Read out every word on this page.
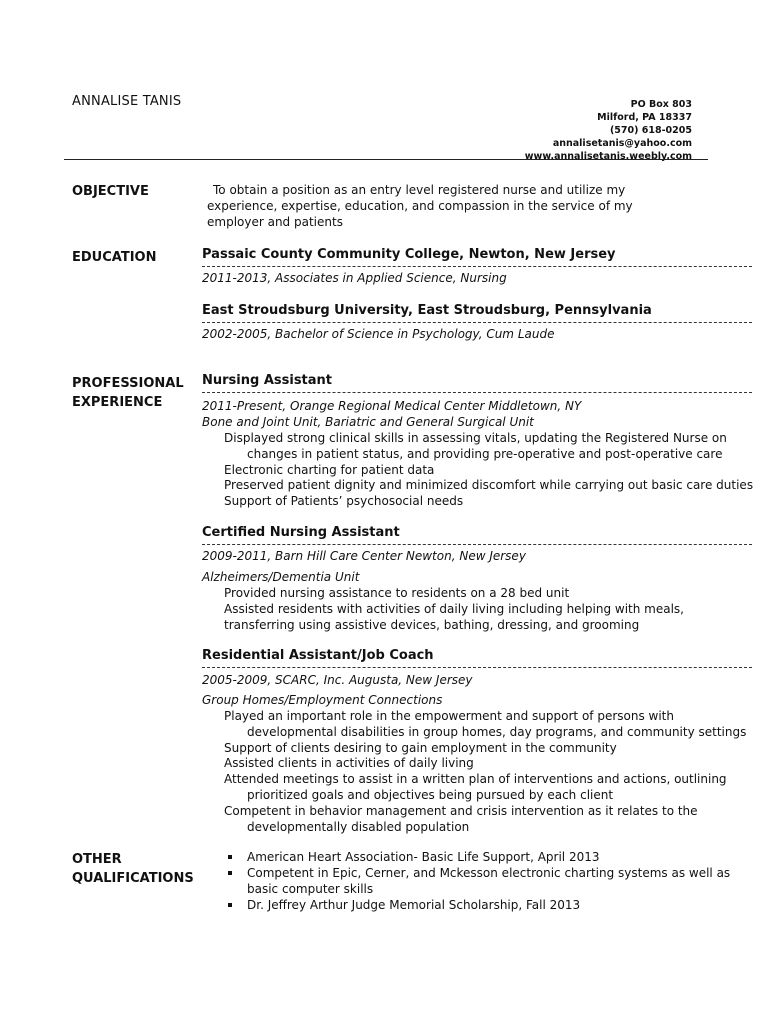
ANNALISE TANIS	PO Box 803
Milford, PA 18337
(570) 618-0205
annalisetanis@yahoo.com
www.annalisetanis.weebly.com
OBJECTIVE	To obtain a position as an entry level registered nurse and utilize my experience, expertise, education, and compassion in the service of my employer and patients
EDUCATION	Passaic County Community College, Newton, New Jersey
2011-2013, Associates in Applied Science, Nursing
East Stroudsburg University, East Stroudsburg, Pennsylvania
2002-2005, Bachelor of Science in Psychology, Cum Laude
PROFESSIONAL
EXPERIENCE
Nursing Assistant
2011-Present, Orange Regional Medical Center Middletown, NY
Bone and Joint Unit, Bariatric and General Surgical Unit
Displayed strong clinical skills in assessing vitals, updating the Registered Nurse on
changes in patient status, and providing pre-operative and post-operative care
Electronic charting for patient data
Preserved patient dignity and minimized discomfort while carrying out basic care duties
Support of Patients’ psychosocial needs
Certified Nursing Assistant
2009-2011, Barn Hill Care Center Newton, New Jersey
Alzheimers/Dementia Unit
Provided nursing assistance to residents on a 28 bed unit
Assisted residents with activities of daily living including helping with meals,
transferring using assistive devices, bathing, dressing, and grooming
Residential Assistant/Job Coach
2005-2009, SCARC, Inc. Augusta, New Jersey
Group Homes/Employment Connections
Played an important role in the empowerment and support of persons with
developmental disabilities in group homes, day programs, and community settings
Support of clients desiring to gain employment in the community
Assisted clients in activities of daily living
Attended meetings to assist in a written plan of interventions and actions, outlining
prioritized goals and objectives being pursued by each client
Competent in behavior management and crisis intervention as it relates to the
developmentally disabled population
OTHER
QUALIFICATIONS
American Heart Association- Basic Life Support, April 2013
Competent in Epic, Cerner, and Mckesson electronic charting systems as well as basic computer skills
Dr. Jeffrey Arthur Judge Memorial Scholarship, Fall 2013
